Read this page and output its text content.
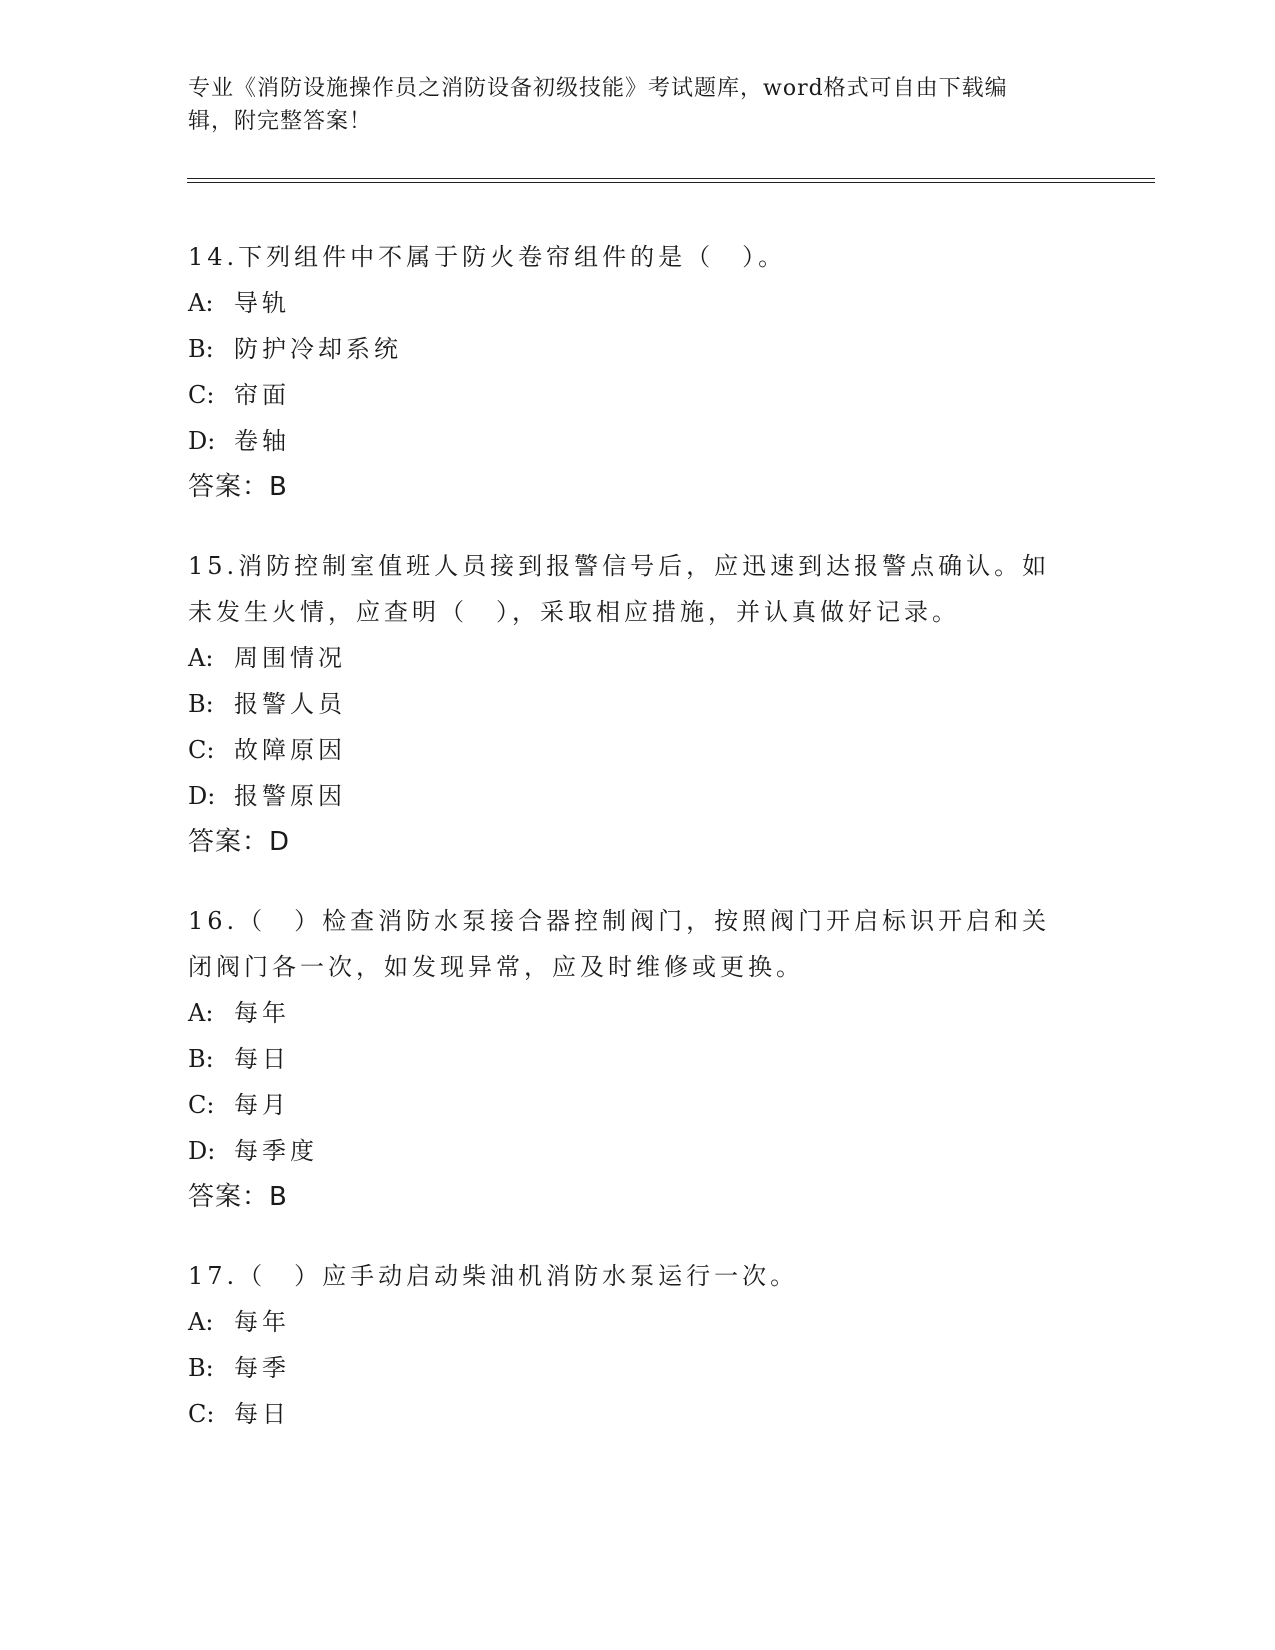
专业《消防设施操作员之消防设备初级技能》考试题库，word格式可自由下载编
辑，附完整答案！
14.下列组件中不属于防火卷帘组件的是（　）。
A: 导轨
B: 防护冷却系统
C: 帘面
D: 卷轴
答案：B
15.消防控制室值班人员接到报警信号后，应迅速到达报警点确认。如
未发生火情，应查明（　），采取相应措施，并认真做好记录。
A: 周围情况
B: 报警人员
C: 故障原因
D: 报警原因
答案：D
16.（　）检查消防水泵接合器控制阀门，按照阀门开启标识开启和关
闭阀门各一次，如发现异常，应及时维修或更换。
A: 每年
B: 每日
C: 每月
D: 每季度
答案：B
17.（　）应手动启动柴油机消防水泵运行一次。
A: 每年
B: 每季
C: 每日
